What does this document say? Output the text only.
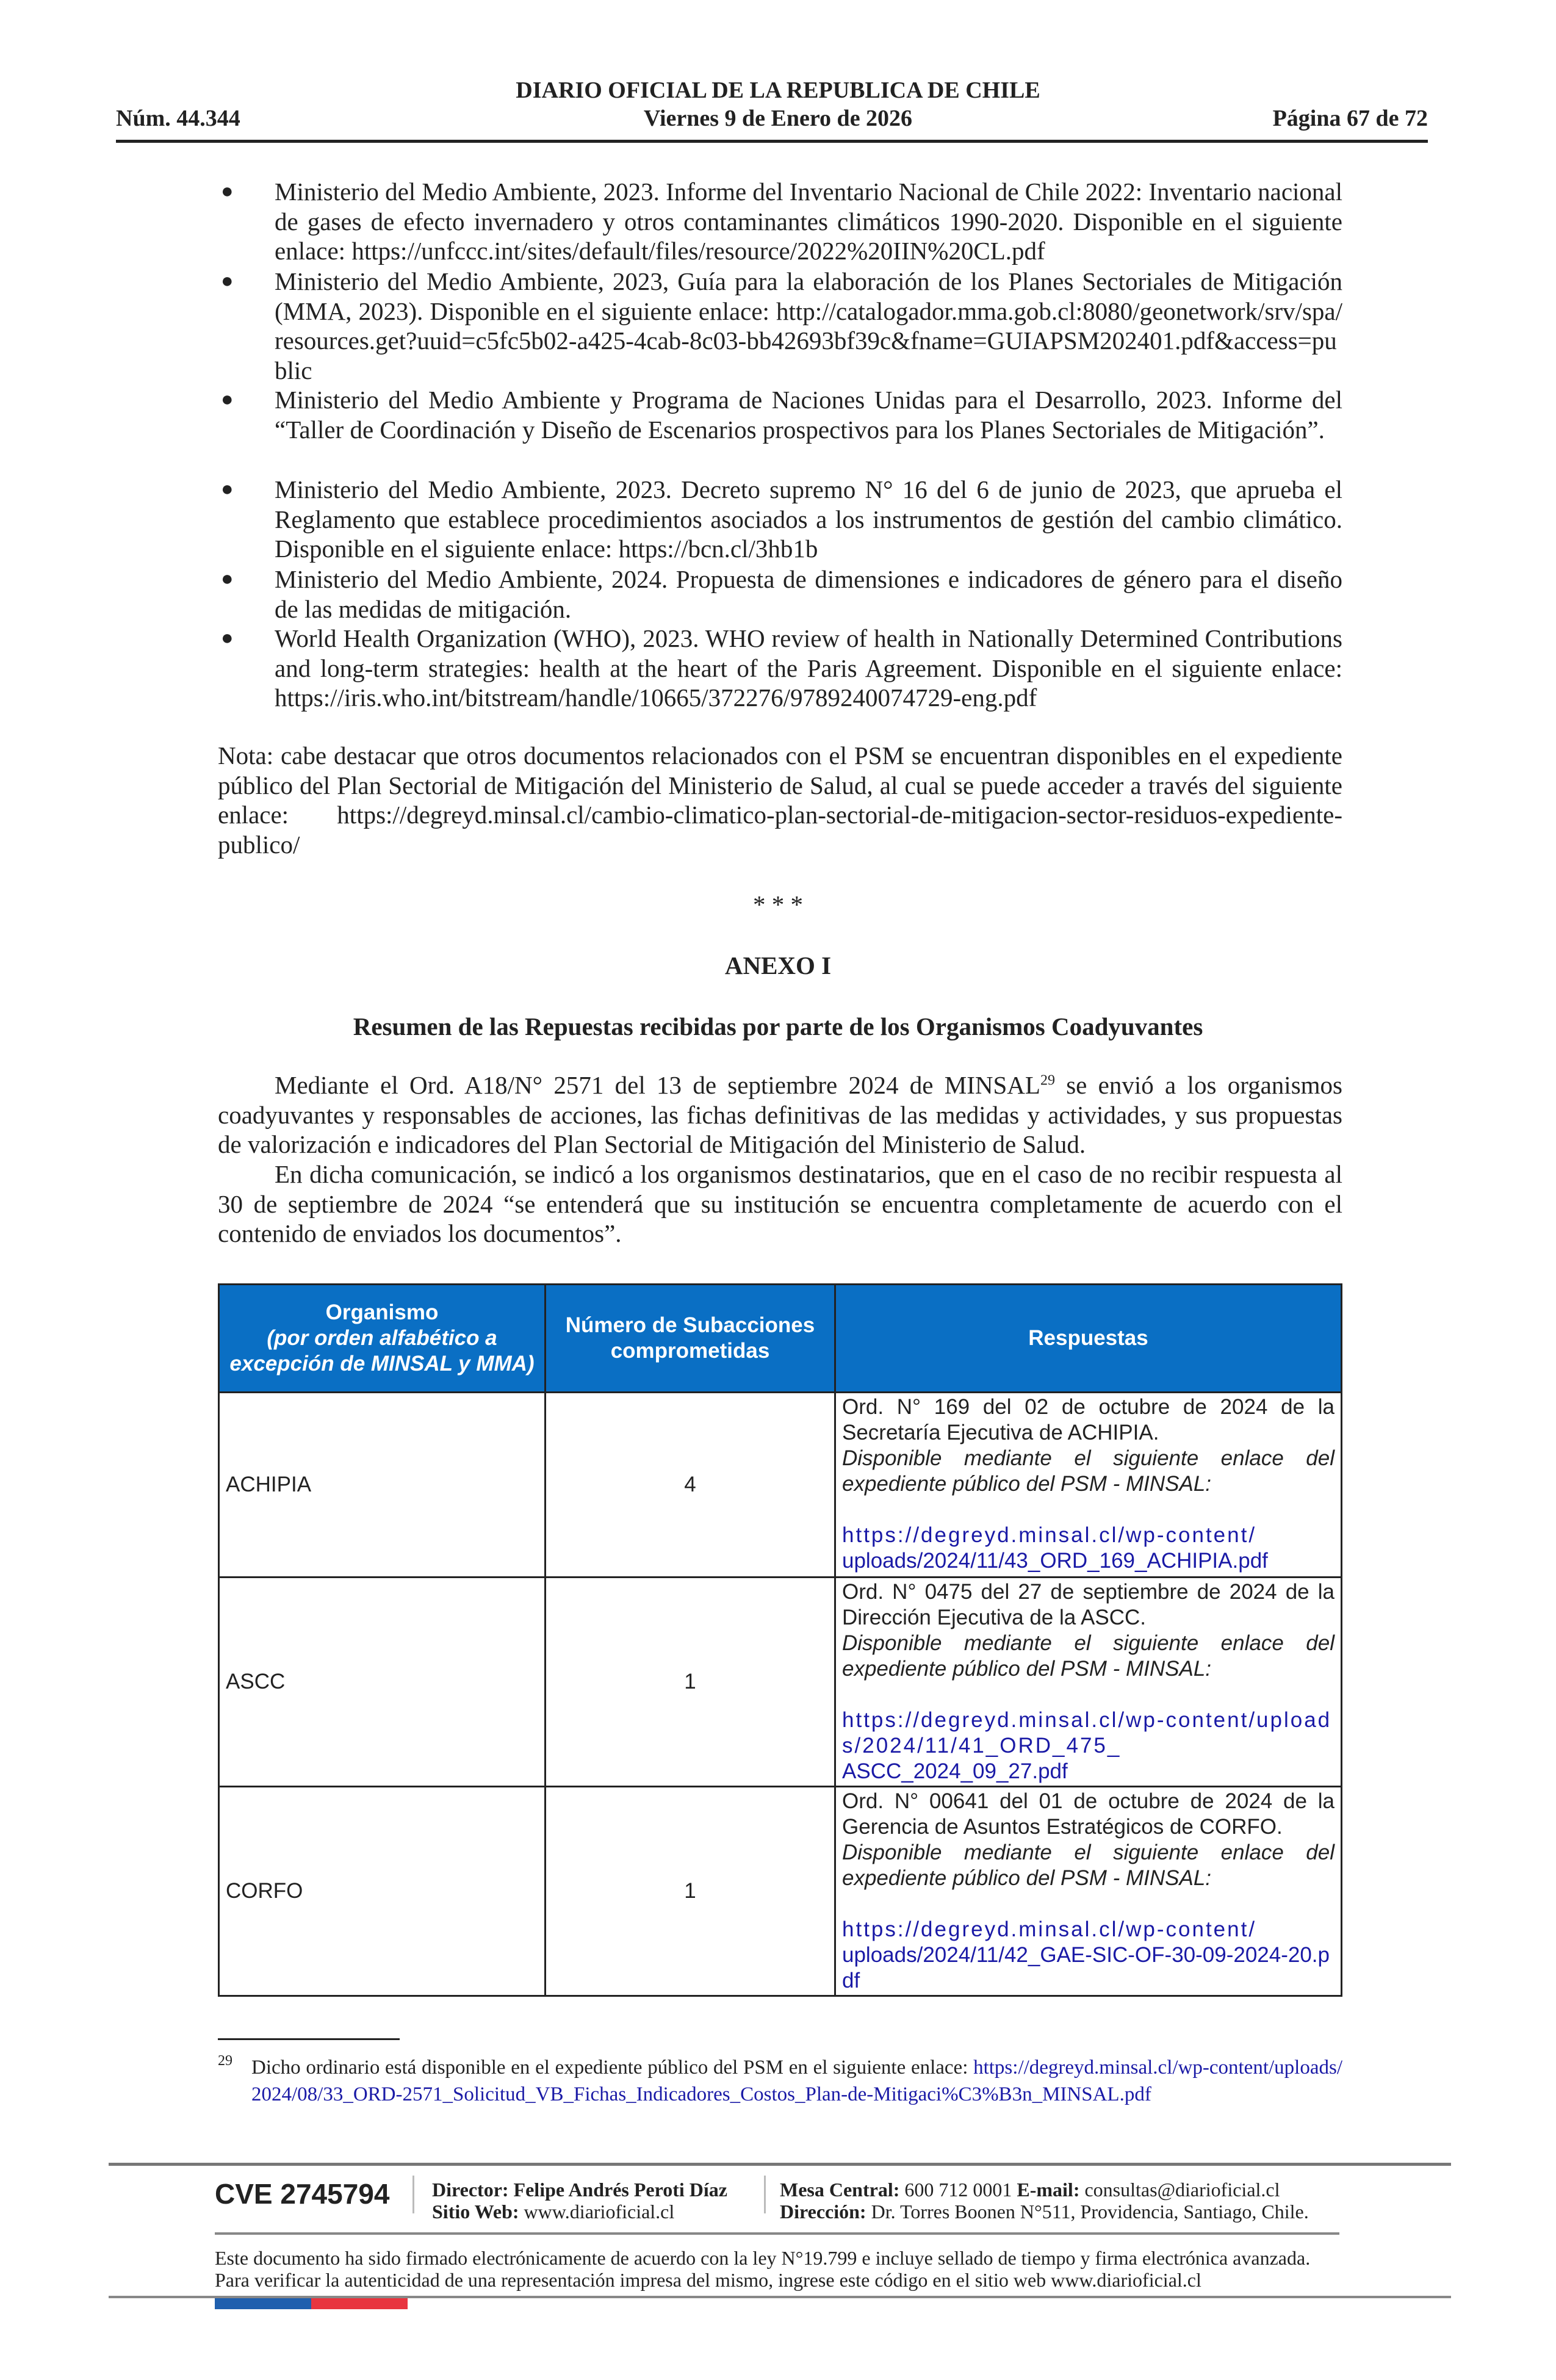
DIARIO OFICIAL DE LA REPUBLICA DE CHILE
Núm. 44.344	Viernes 9 de Enero de 2026	Página 67 de 72
● Ministerio del Medio Ambiente, 2023. Informe del Inventario Nacional de Chile 2022: Inventario nacional de gases de efecto invernadero y otros contaminantes climáticos 1990-2020. Disponible en el siguiente enlace: https://unfccc.int/sites/default/files/resource/2022%20IIN%20CL.pdf
● Ministerio del Medio Ambiente, 2023, Guía para la elaboración de los Planes Sectoriales de Mitigación (MMA, 2023). Disponible en el siguiente enlace: http://catalogador.mma.gob.cl:8080/geonetwork/srv/spa/resources.get?uuid=c5fc5b02-a425-4cab-8c03-bb42693bf39c&fname=GUIAPSM202401.pdf&access=public
● Ministerio del Medio Ambiente y Programa de Naciones Unidas para el Desarrollo, 2023. Informe del “Taller de Coordinación y Diseño de Escenarios prospectivos para los Planes Sectoriales de Mitigación”.
● Ministerio del Medio Ambiente, 2023. Decreto supremo N° 16 del 6 de junio de 2023, que aprueba el Reglamento que establece procedimientos asociados a los instrumentos de gestión del cambio climático. Disponible en el siguiente enlace: https://bcn.cl/3hb1b
● Ministerio del Medio Ambiente, 2024. Propuesta de dimensiones e indicadores de género para el diseño de las medidas de mitigación.
● World Health Organization (WHO), 2023. WHO review of health in Nationally Determined Contributions and long-term strategies: health at the heart of the Paris Agreement. Disponible en el siguiente enlace: https://iris.who.int/bitstream/handle/10665/372276/9789240074729-eng.pdf
Nota: cabe destacar que otros documentos relacionados con el PSM se encuentran disponibles en el expediente público del Plan Sectorial de Mitigación del Ministerio de Salud, al cual se puede acceder a través del siguiente enlace: https://degreyd.minsal.cl/cambio-climatico-plan-sectorial-de-mitigacion-sector-residuos-expediente-publico/
* * *
ANEXO I
Resumen de las Repuestas recibidas por parte de los Organismos Coadyuvantes
Mediante el Ord. A18/N° 2571 del 13 de septiembre 2024 de MINSAL$^{29}$ se envió a los organismos coadyuvantes y responsables de acciones, las fichas definitivas de las medidas y actividades, y sus propuestas de valorización e indicadores del Plan Sectorial de Mitigación del Ministerio de Salud.
En dicha comunicación, se indicó a los organismos destinatarios, que en el caso de no recibir respuesta al 30 de septiembre de 2024 “se entenderá que su institución se encuentra completamente de acuerdo con el contenido de enviados los documentos”.
Organismo
(por orden alfabético a excepción de MINSAL y MMA)	Número de Subacciones comprometidas	Respuestas
ACHIPIA	4	Ord. N° 169 del 02 de octubre de 2024 de la Secretaría Ejecutiva de ACHIPIA.
Disponible mediante el siguiente enlace del expediente público del PSM - MINSAL:
https://degreyd.minsal.cl/wp-content/
uploads/2024/11/43_ORD_169_ACHIPIA.pdf

ASCC	1	Ord. N° 0475 del 27 de septiembre de 2024 de la Dirección Ejecutiva de la ASCC.
Disponible mediante el siguiente enlace del expediente público del PSM - MINSAL:
https://degreyd.minsal.cl/wp-content/uploads/2024/11/41_ORD_475_
ASCC_2024_09_27.pdf

CORFO	1	Ord. N° 00641 del 01 de octubre de 2024 de la Gerencia de Asuntos Estratégicos de CORFO.
Disponible mediante el siguiente enlace del expediente público del PSM - MINSAL:
https://degreyd.minsal.cl/wp-content/
uploads/2024/11/42_GAE-SIC-OF-30-09-2024-20.pdf
29 Dicho ordinario está disponible en el expediente público del PSM en el siguiente enlace: https://degreyd.minsal.cl/wp-content/uploads/2024/08/33_ORD-2571_Solicitud_VB_Fichas_Indicadores_Costos_Plan-de-Mitigaci%C3%B3n_MINSAL.pdf
CVE 2745794 Director: Felipe Andrés Peroti Díaz
Sitio Web: www.diarioficial.cl
Mesa Central: 600 712 0001 E-mail: consultas@diarioficial.cl
Dirección: Dr. Torres Boonen N°511, Providencia, Santiago, Chile.
Este documento ha sido firmado electrónicamente de acuerdo con la ley N°19.799 e incluye sellado de tiempo y firma electrónica avanzada. Para verificar la autenticidad de una representación impresa del mismo, ingrese este código en el sitio web www.diarioficial.cl
